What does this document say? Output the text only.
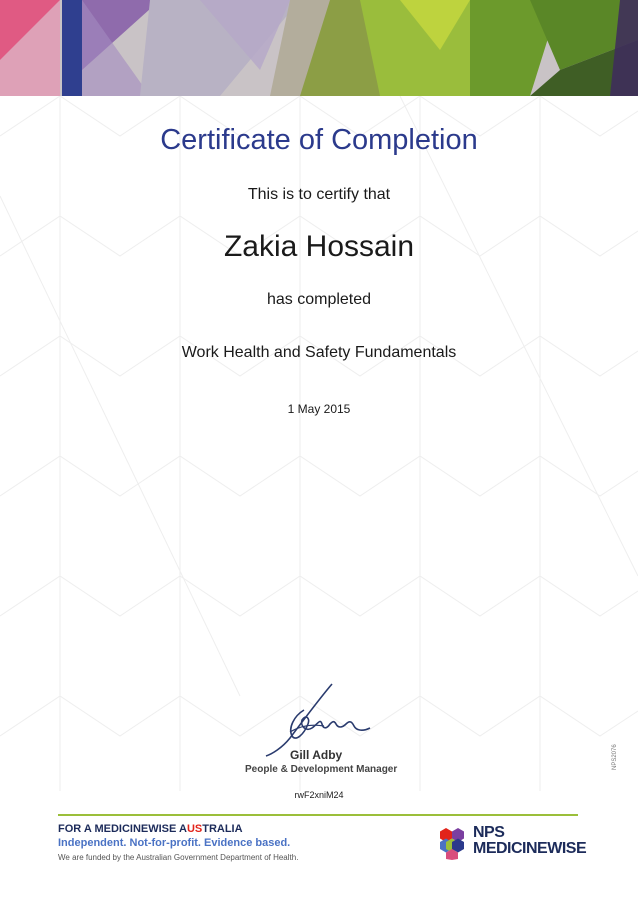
Certificate of Completion
This is to certify that
Zakia Hossain
has completed
Work Health and Safety Fundamentals
1 May 2015
Gill Adby
People & Development Manager
rwF2xniM24
NPS2076
FOR A MEDICINEWISE AUSTRALIA
Independent. Not-for-profit. Evidence based.
We are funded by the Australian Government Department of Health.
NPS
MEDICINEWISE
